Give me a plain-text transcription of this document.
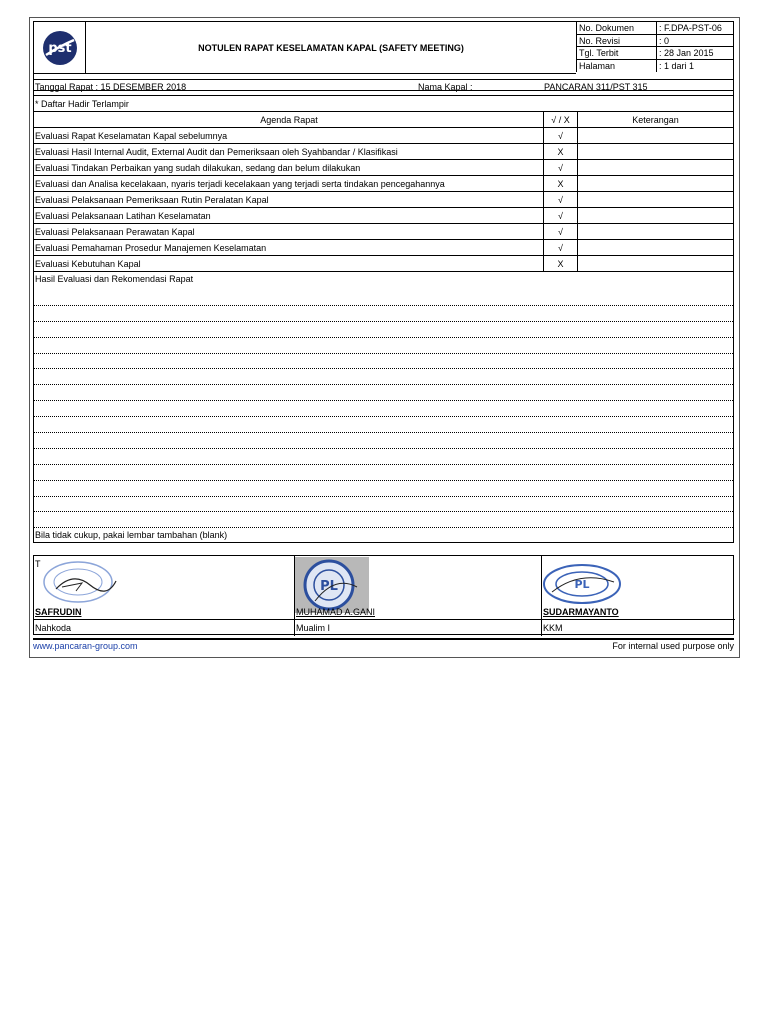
pst	NOTULEN RAPAT KESELAMATAN KAPAL (SAFETY MEETING)
No. Dokumen	: F.DPA-PST-06
No. Revisi	: 0
Tgl. Terbit	: 28 Jan 2015
Halaman	: 1 dari 1
Tanggal Rapat : 15 DESEMBER 2018	Nama Kapal :	PANCARAN 311/PST 315
* Daftar Hadir Terlampir
Agenda Rapat	√ / X	Keterangan
Evaluasi Rapat Keselamatan Kapal sebelumnya	√
Evaluasi Hasil Internal Audit, External Audit dan Pemeriksaan oleh Syahbandar / Klasifikasi	X
Evaluasi Tindakan Perbaikan yang sudah dilakukan, sedang dan belum dilakukan	√
Evaluasi dan Analisa kecelakaan, nyaris terjadi kecelakaan yang terjadi serta tindakan pencegahannya	X
Evaluasi Pelaksanaan Pemeriksaan Rutin Peralatan Kapal	√
Evaluasi Pelaksanaan Latihan Keselamatan	√
Evaluasi Pelaksanaan Perawatan Kapal	√
Evaluasi Pemahaman Prosedur Manajemen Keselamatan	√
Evaluasi Kebutuhan Kapal	X
Hasil Evaluasi dan Rekomendasi Rapat
Bila tidak cukup, pakai lembar tambahan (blank)
T
SAFRUDIN
Nahkoda
PL
MUHAMAD A.GANI
Mualim I
PL
SUDARMAYANTO
KKM
www.pancaran-group.com	For internal used purpose only
